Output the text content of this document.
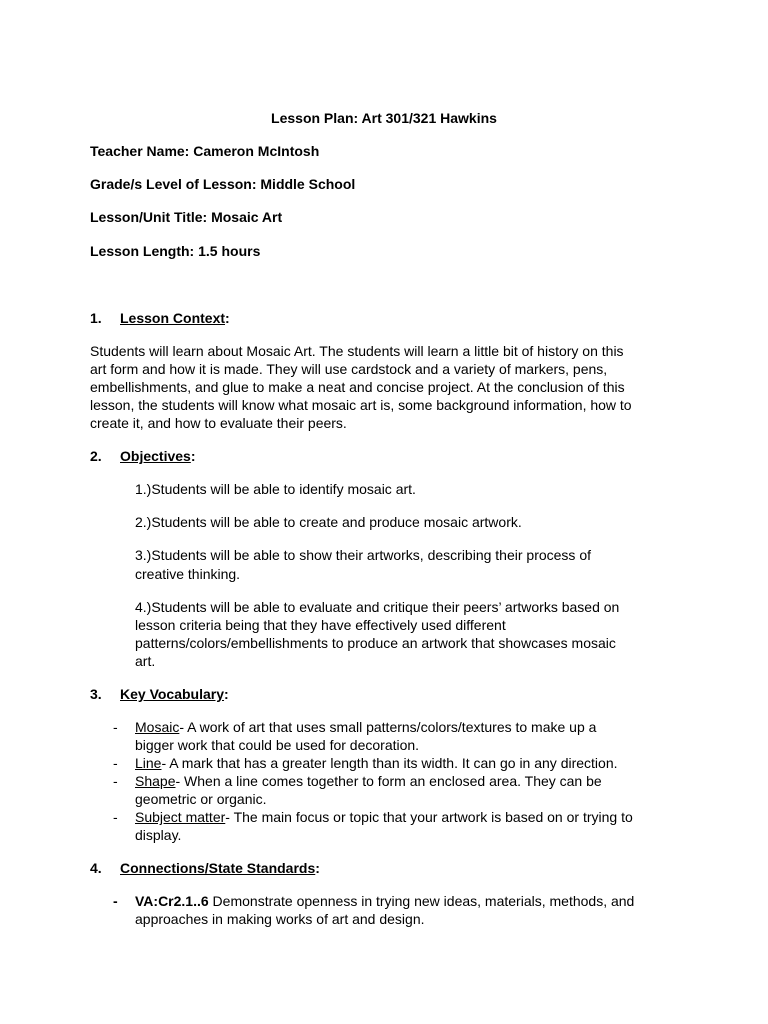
Lesson Plan: Art 301/321 Hawkins
Teacher Name: Cameron McIntosh
Grade/s Level of Lesson: Middle School
Lesson/Unit Title: Mosaic Art
Lesson Length: 1.5 hours
1. Lesson Context:
Students will learn about Mosaic Art. The students will learn a little bit of history on this
art form and how it is made. They will use cardstock and a variety of markers, pens,
embellishments, and glue to make a neat and concise project. At the conclusion of this
lesson, the students will know what mosaic art is, some background information, how to
create it, and how to evaluate their peers.
2. Objectives:
1.)Students will be able to identify mosaic art.
2.)Students will be able to create and produce mosaic artwork.
3.)Students will be able to show their artworks, describing their process of
creative thinking.
4.)Students will be able to evaluate and critique their peers’ artworks based on
lesson criteria being that they have effectively used different
patterns/colors/embellishments to produce an artwork that showcases mosaic
art.
3. Key Vocabulary:
- Mosaic- A work of art that uses small patterns/colors/textures to make up a
bigger work that could be used for decoration.
- Line- A mark that has a greater length than its width. It can go in any direction.
- Shape- When a line comes together to form an enclosed area. They can be
geometric or organic.
- Subject matter- The main focus or topic that your artwork is based on or trying to
display.
4. Connections/State Standards:
- VA:Cr2.1..6 Demonstrate openness in trying new ideas, materials, methods, and
approaches in making works of art and design.
